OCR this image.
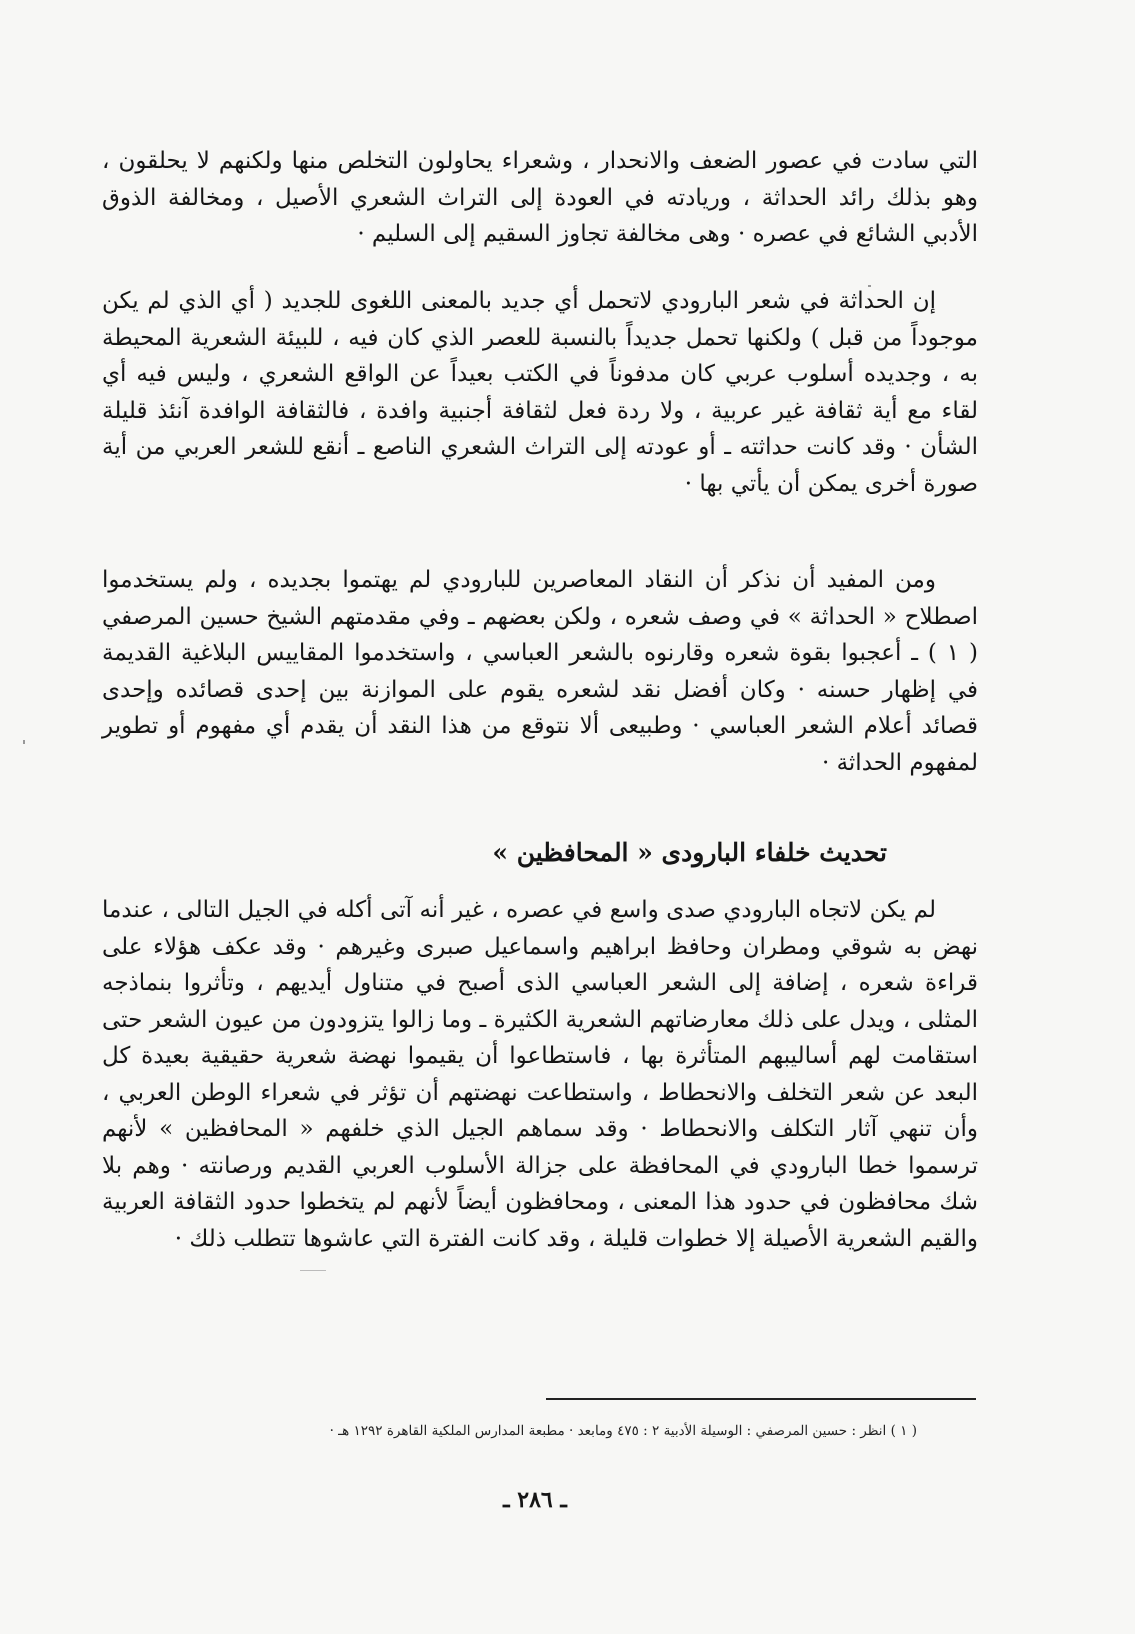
التي سادت في عصور الضعف والانحدار ، وشعراء يحاولون التخلص منها ولكنهم لا يحلقون ، وهو بذلك رائد الحداثة ، وريادته في العودة إلى التراث الشعري الأصيل ، ومخالفة الذوق الأدبي الشائع في عصره · وهى مخالفة تجاوز السقيم إلى السليم ·

إن الحداثة في شعر البارودي لاتحمل أي جديد بالمعنى اللغوى للجديد ( أي الذي لم يكن موجوداً من قبل ) ولكنها تحمل جديداً بالنسبة للعصر الذي كان فيه ، للبيئة الشعرية المحيطة به ، وجديده أسلوب عربي كان مدفوناً في الكتب بعيداً عن الواقع الشعري ، وليس فيه أي لقاء مع أية ثقافة غير عربية ، ولا ردة فعل لثقافة أجنبية وافدة ، فالثقافة الوافدة آنئذ قليلة الشأن · وقد كانت حداثته ـ أو عودته إلى التراث الشعري الناصع ـ أنقع للشعر العربي من أية صورة أخرى يمكن أن يأتي بها ·

ومن المفيد أن نذكر أن النقاد المعاصرين للبارودي لم يهتموا بجديده ، ولم يستخدموا اصطلاح « الحداثة » في وصف شعره ، ولكن بعضهم ـ وفي مقدمتهم الشيخ حسين المرصفي ( ١ ) ـ أعجبوا بقوة شعره وقارنوه بالشعر العباسي ، واستخدموا المقاييس البلاغية القديمة في إظهار حسنه · وكان أفضل نقد لشعره يقوم على الموازنة بين إحدى قصائده وإحدى قصائد أعلام الشعر العباسي · وطبيعى ألا نتوقع من هذا النقد أن يقدم أي مفهوم أو تطوير لمفهوم الحداثة ·

تحديث خلفاء البارودى « المحافظين »

لم يكن لاتجاه البارودي صدى واسع في عصره ، غير أنه آتى أكله في الجيل التالى ، عندما نهض به شوقي ومطران وحافظ ابراهيم واسماعيل صبرى وغيرهم · وقد عكف هؤلاء على قراءة شعره ، إضافة إلى الشعر العباسي الذى أصبح في متناول أيديهم ، وتأثروا بنماذجه المثلى ، ويدل على ذلك معارضاتهم الشعرية الكثيرة ـ وما زالوا يتزودون من عيون الشعر حتى استقامت لهم أساليبهم المتأثرة بها ، فاستطاعوا أن يقيموا نهضة شعرية حقيقية بعيدة كل البعد عن شعر التخلف والانحطاط ، واستطاعت نهضتهم أن تؤثر في شعراء الوطن العربي ، وأن تنهي آثار التكلف والانحطاط · وقد سماهم الجيل الذي خلفهم « المحافظين » لأنهم ترسموا خطا البارودي في المحافظة على جزالة الأسلوب العربي القديم ورصانته · وهم بلا شك محافظون في حدود هذا المعنى ، ومحافظون أيضاً لأنهم لم يتخطوا حدود الثقافة العربية والقيم الشعرية الأصيلة إلا خطوات قليلة ، وقد كانت الفترة التي عاشوها تتطلب ذلك ·

( ١ ) انظر : حسين المرصفي : الوسيلة الأدبية ٢ : ٤٧٥ ومابعد · مطبعة المدارس الملكية القاهرة ١٢٩٢ هـ ·
ـ ٢٨٦ ـ
